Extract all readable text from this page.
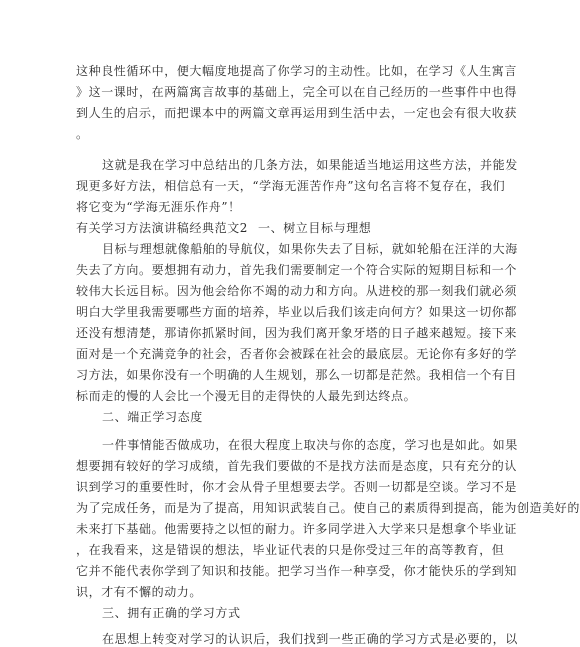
这种良性循环中，便大幅度地提高了你学习的主动性。比如，在学习《人生寓言
》这一课时，在两篇寓言故事的基础上，完全可以在自己经历的一些事件中也得
到人生的启示，而把课本中的两篇文章再运用到生活中去，一定也会有很大收获
。
这就是我在学习中总结出的几条方法，如果能适当地运用这些方法，并能发
现更多好方法，相信总有一天，“学海无涯苦作舟”这句名言将不复存在，我们
将它变为“学海无涯乐作舟”！
有关学习方法演讲稿经典范文2 一、树立目标与理想
目标与理想就像船舶的导航仪，如果你失去了目标，就如轮船在汪洋的大海
失去了方向。要想拥有动力，首先我们需要制定一个符合实际的短期目标和一个
较伟大长远目标。因为他会给你不竭的动力和方向。从进校的那一刻我们就必须
明白大学里我需要哪些方面的培养，毕业以后我们该走向何方？如果这一切你都
还没有想清楚，那请你抓紧时间，因为我们离开象牙塔的日子越来越短。接下来
面对是一个充满竞争的社会，否者你会被踩在社会的最底层。无论你有多好的学
习方法，如果你没有一个明确的人生规划，那么一切都是茫然。我相信一个有目
标而走的慢的人会比一个漫无目的走得快的人最先到达终点。
二、端正学习态度
一件事情能否做成功，在很大程度上取决与你的态度，学习也是如此。如果
想要拥有较好的学习成绩，首先我们要做的不是找方法而是态度，只有充分的认
识到学习的重要性时，你才会从骨子里想要去学。否则一切都是空谈。学习不是
为了完成任务，而是为了提高，用知识武装自己。使自己的素质得到提高，能为创造美好的
未来打下基础。他需要持之以恒的耐力。许多同学进入大学来只是想拿个毕业证
，在我看来，这是错误的想法，毕业证代表的只是你受过三年的高等教育，但
它并不能代表你学到了知识和技能。把学习当作一种享受，你才能快乐的学到知
识，才有不懈的动力。
三、拥有正确的学习方式
在思想上转变对学习的认识后，我们找到一些正确的学习方式是必要的，以
